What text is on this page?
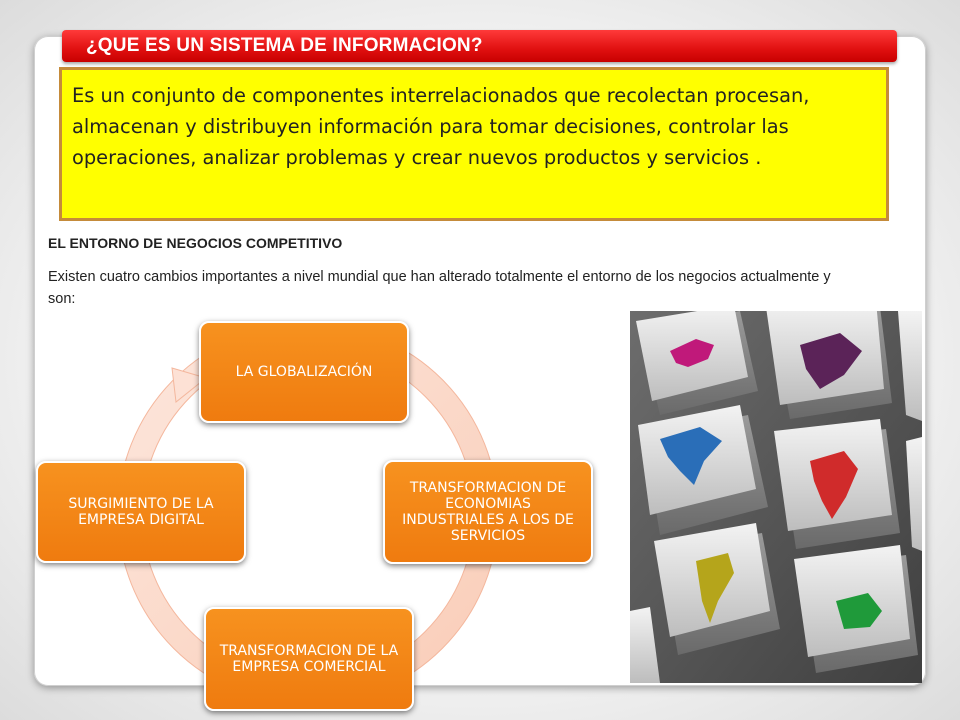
¿QUE ES UN SISTEMA DE INFORMACION?
Es un conjunto de componentes interrelacionados que recolectan procesan, almacenan y distribuyen información para tomar decisiones, controlar las operaciones, analizar problemas y crear nuevos productos y servicios .
EL ENTORNO DE NEGOCIOS COMPETITIVO
Existen cuatro cambios importantes a nivel mundial que han alterado totalmente el entorno de los negocios actualmente y son:
LA GLOBALIZACIÓN
TRANSFORMACION DE ECONOMIAS INDUSTRIALES A LOS DE SERVICIOS
TRANSFORMACION DE LA EMPRESA COMERCIAL
SURGIMIENTO DE LA EMPRESA DIGITAL
